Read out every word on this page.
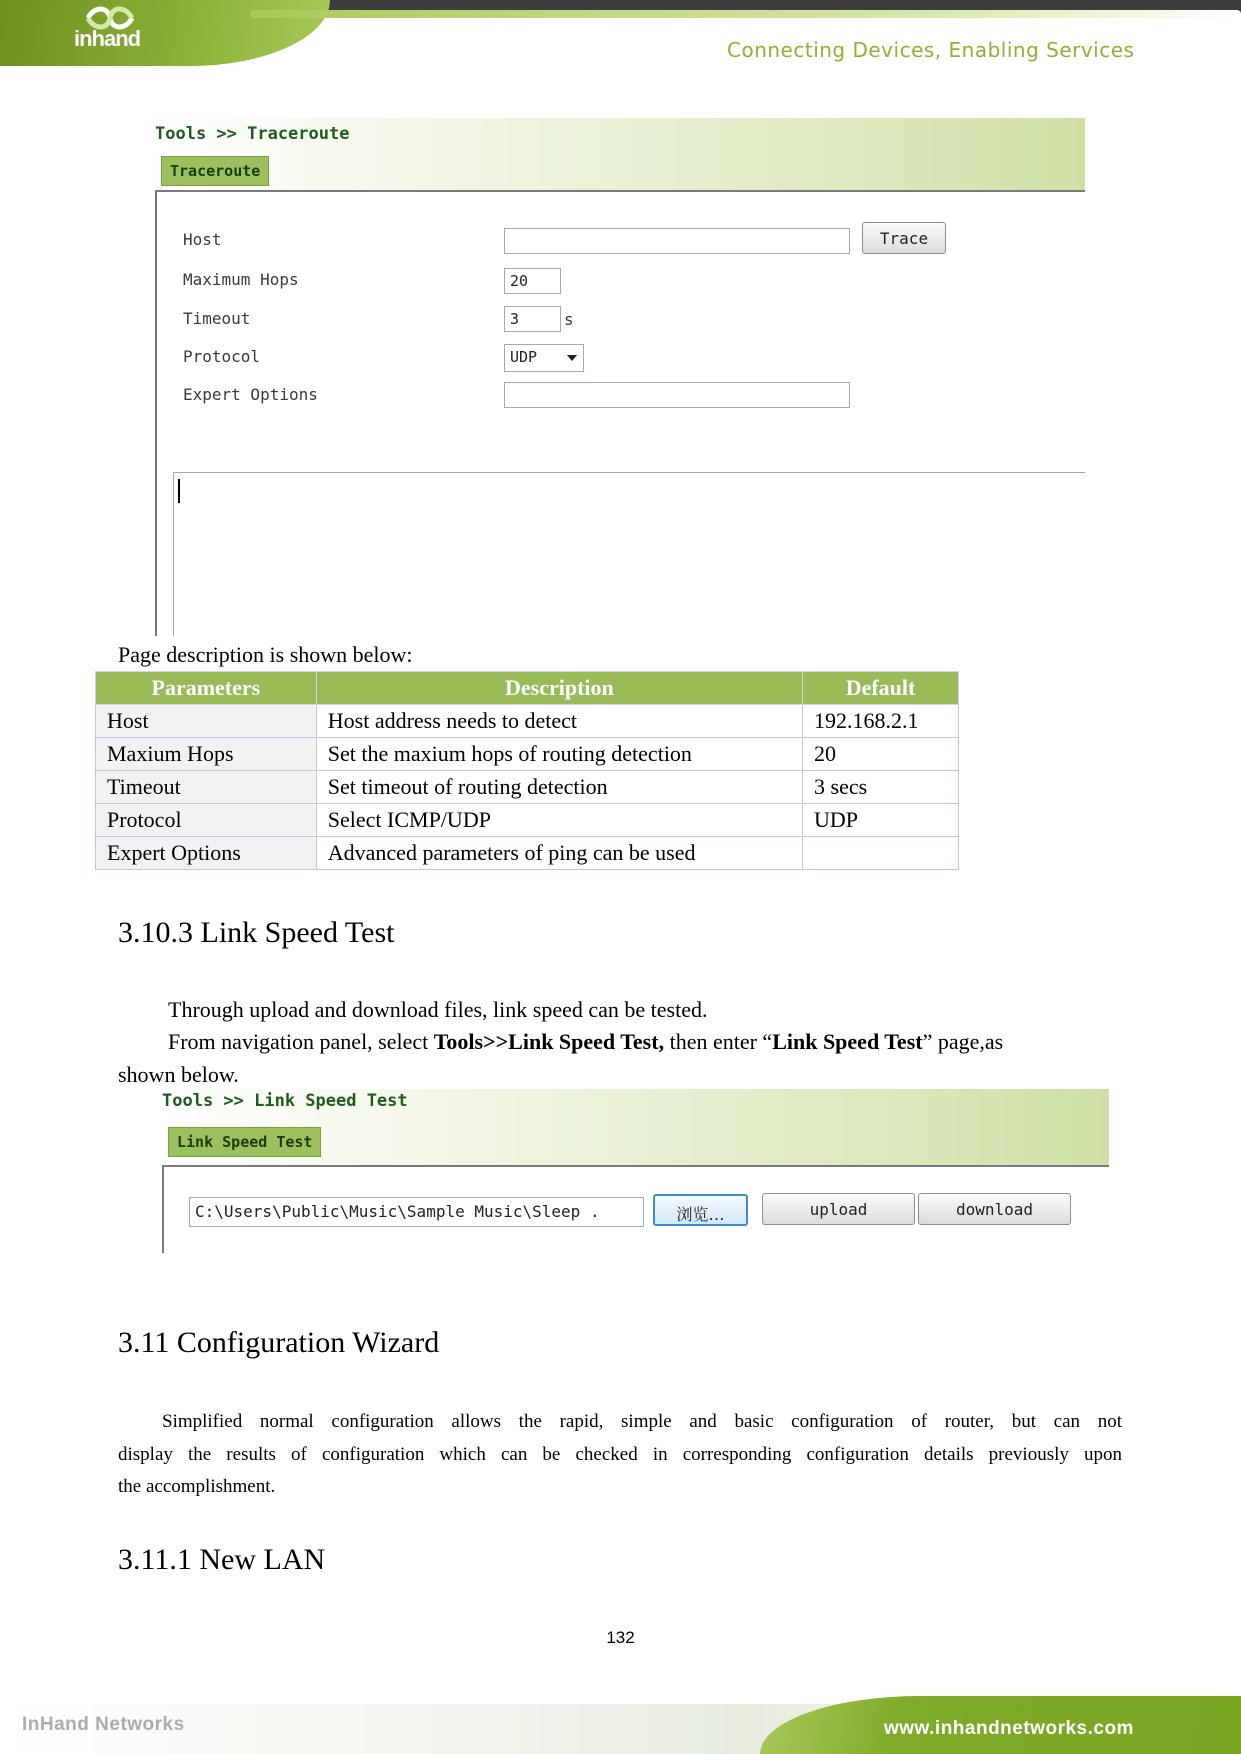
inhand	Connecting Devices, Enabling Services
Tools >> Traceroute
Traceroute
Host	Trace
Maximum Hops	20
Timeout	3	s
Protocol	UDP
Expert Options
Page description is shown below:
Parameters	Description	Default
Host	Host address needs to detect	192.168.2.1
Maxium Hops	Set the maxium hops of routing detection	20
Timeout	Set timeout of routing detection	3 secs
Protocol	Select ICMP/UDP	UDP
Expert Options	Advanced parameters of ping can be used	
3.10.3 Link Speed Test
Through upload and download files, link speed can be tested.
From navigation panel, select Tools>>Link Speed Test, then enter “Link Speed Test” page,as
shown below.
Tools >> Link Speed Test
Link Speed Test
C:\Users\Public\Music\Sample Music\Sleep .	浏览…	upload	download
3.11 Configuration Wizard
Simplified normal configuration allows the rapid, simple and basic configuration of router, but can not
display the results of configuration which can be checked in corresponding configuration details previously upon
the accomplishment.
3.11.1 New LAN
132
InHand Networks	www.inhandnetworks.com
